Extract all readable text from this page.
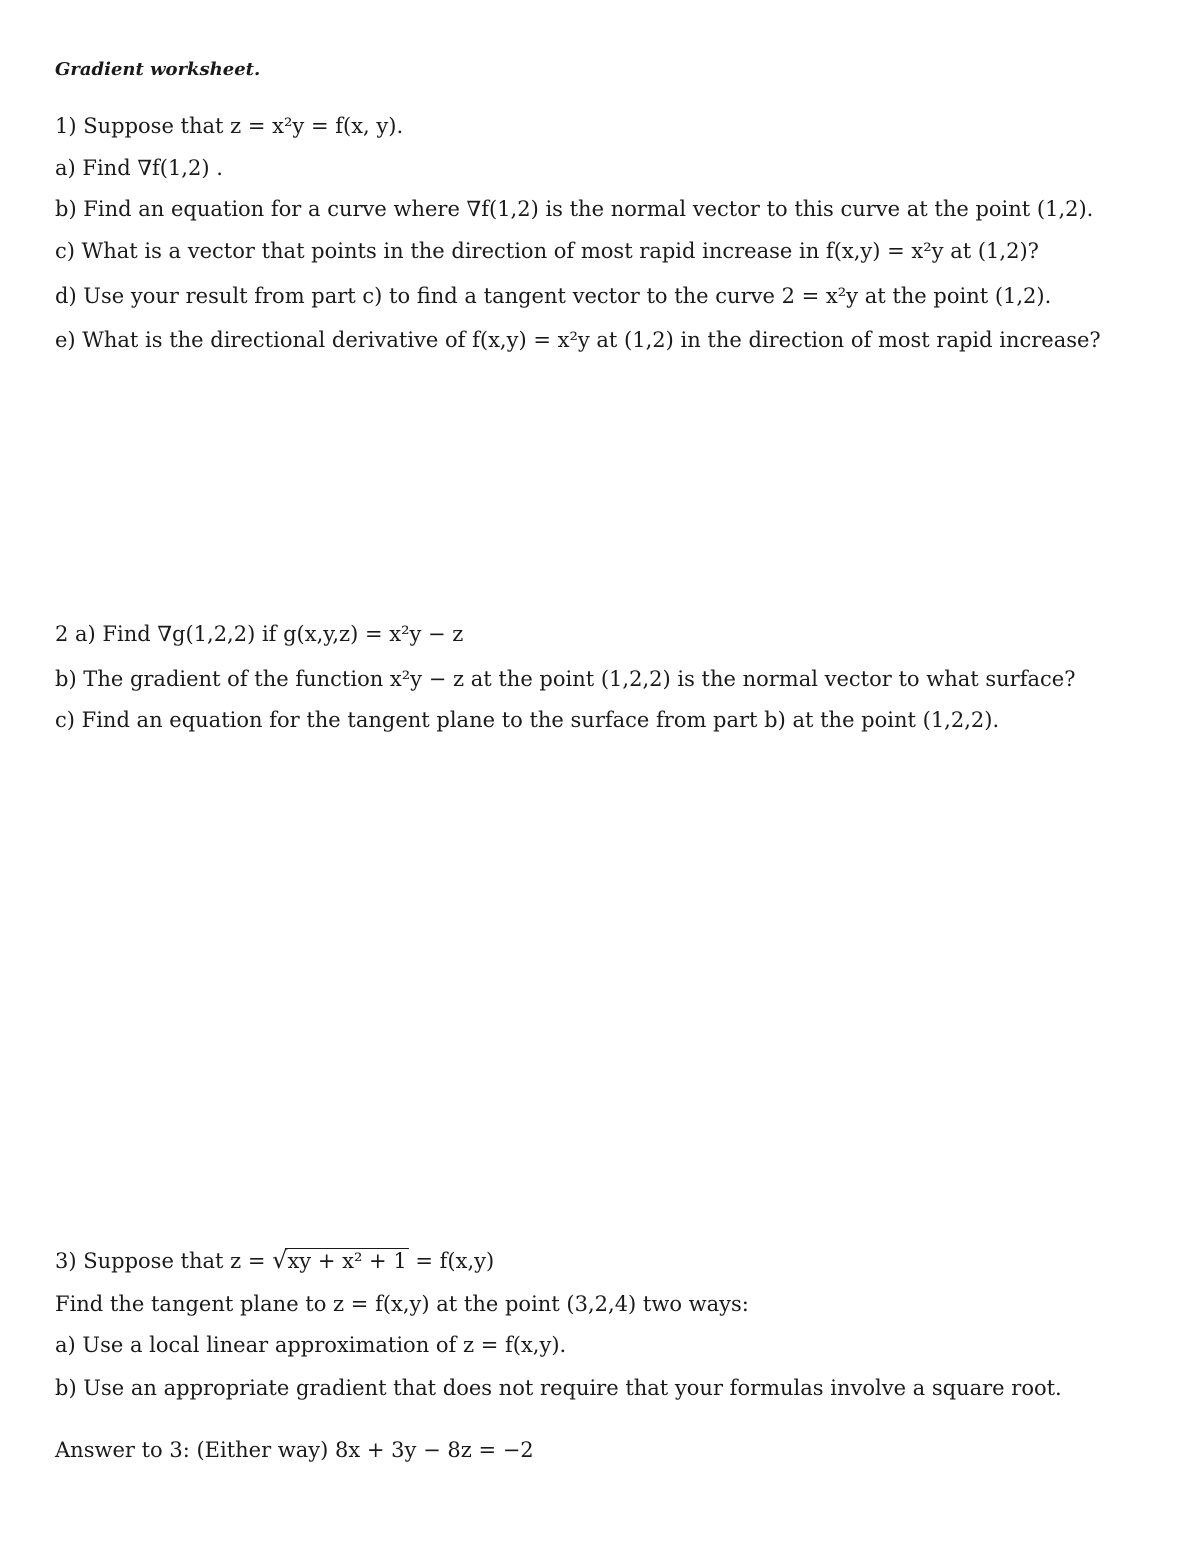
Gradient worksheet.
1) Suppose that z = x²y = f(x, y).
a) Find ∇f(1,2) .
b) Find an equation for a curve where ∇f(1,2) is the normal vector to this curve at the point (1,2).
c) What is a vector that points in the direction of most rapid increase in f(x,y) = x²y at (1,2)?
d) Use your result from part c) to find a tangent vector to the curve 2 = x²y at the point (1,2).
e) What is the directional derivative of f(x,y) = x²y at (1,2) in the direction of most rapid increase?
2 a) Find ∇g(1,2,2) if g(x,y,z) = x²y − z
b) The gradient of the function x²y − z at the point (1,2,2) is the normal vector to what surface?
c) Find an equation for the tangent plane to the surface from part b) at the point (1,2,2).
3) Suppose that z = √xy + x² + 1 = f(x,y)
Find the tangent plane to z = f(x,y) at the point (3,2,4) two ways:
a) Use a local linear approximation of z = f(x,y).
b) Use an appropriate gradient that does not require that your formulas involve a square root.
Answer to 3: (Either way) 8x + 3y − 8z = −2
